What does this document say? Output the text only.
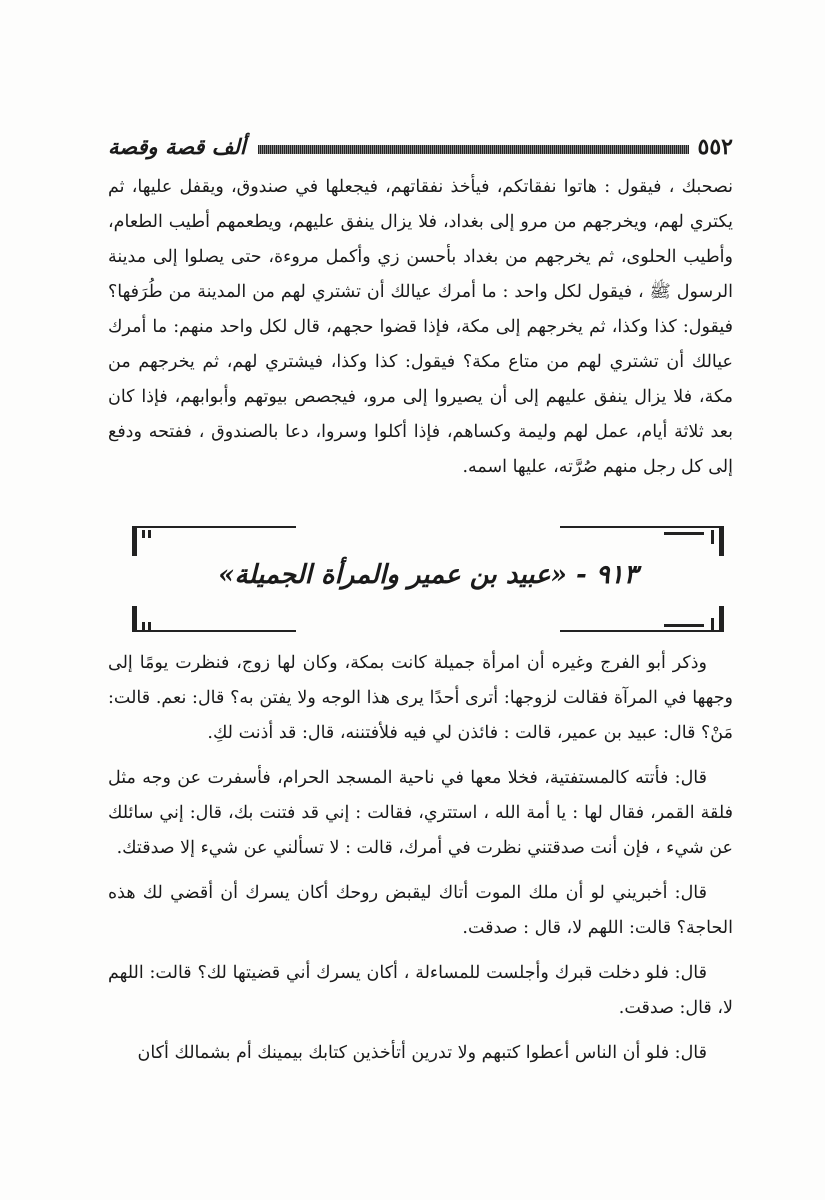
٥٥٢
ألف قصة وقصة

نصحبك ، فيقول : هاتوا نفقاتكم، فيأخذ نفقاتهم، فيجعلها في صندوق، ويقفل عليها، ثم يكتري لهم، ويخرجهم من مرو إلى بغداد، فلا يزال ينفق عليهم، ويطعمهم أطيب الطعام، وأطيب الحلوى، ثم يخرجهم من بغداد بأحسن زي وأكمل مروءة، حتى يصلوا إلى مدينة الرسول ﷺ ، فيقول لكل واحد : ما أمرك عيالك أن تشتري لهم من المدينة من طُرَفها؟ فيقول: كذا وكذا، ثم يخرجهم إلى مكة، فإذا قضوا حجهم، قال لكل واحد منهم: ما أمرك عيالك أن تشتري لهم من متاع مكة؟ فيقول: كذا وكذا، فيشتري لهم، ثم يخرجهم من مكة، فلا يزال ينفق عليهم إلى أن يصيروا إلى مرو، فيجصص بيوتهم وأبوابهم، فإذا كان بعد ثلاثة أيام، عمل لهم وليمة وكساهم، فإذا أكلوا وسروا، دعا بالصندوق ، ففتحه ودفع إلى كل رجل منهم صُرَّته، عليها اسمه.

٩١٣ - «عبيد بن عمير والمرأة الجميلة»

وذكر أبو الفرج وغيره أن امرأة جميلة كانت بمكة، وكان لها زوج، فنظرت يومًا إلى وجهها في المرآة فقالت لزوجها: أترى أحدًا يرى هذا الوجه ولا يفتن به؟ قال: نعم. قالت: مَنْ؟ قال: عبيد بن عمير، قالت : فائذن لي فيه فلأفتننه، قال: قد أذنت لكِ.

قال: فأتته كالمستفتية، فخلا معها في ناحية المسجد الحرام، فأسفرت عن وجه مثل فلقة القمر، فقال لها : يا أمة الله ، استتري، فقالت : إني قد فتنت بك، قال: إني سائلك عن شيء ، فإن أنت صدقتني نظرت في أمرك، قالت : لا تسألني عن شيء إلا صدقتك.

قال: أخبريني لو أن ملك الموت أتاك ليقبض روحك أكان يسرك أن أقضي لك هذه الحاجة؟ قالت: اللهم لا، قال : صدقت.

قال: فلو دخلت قبرك وأجلست للمساءلة ، أكان يسرك أني قضيتها لك؟ قالت: اللهم لا، قال: صدقت.

قال: فلو أن الناس أعطوا كتبهم ولا تدرين أتأخذين كتابك بيمينك أم بشمالك أكان
